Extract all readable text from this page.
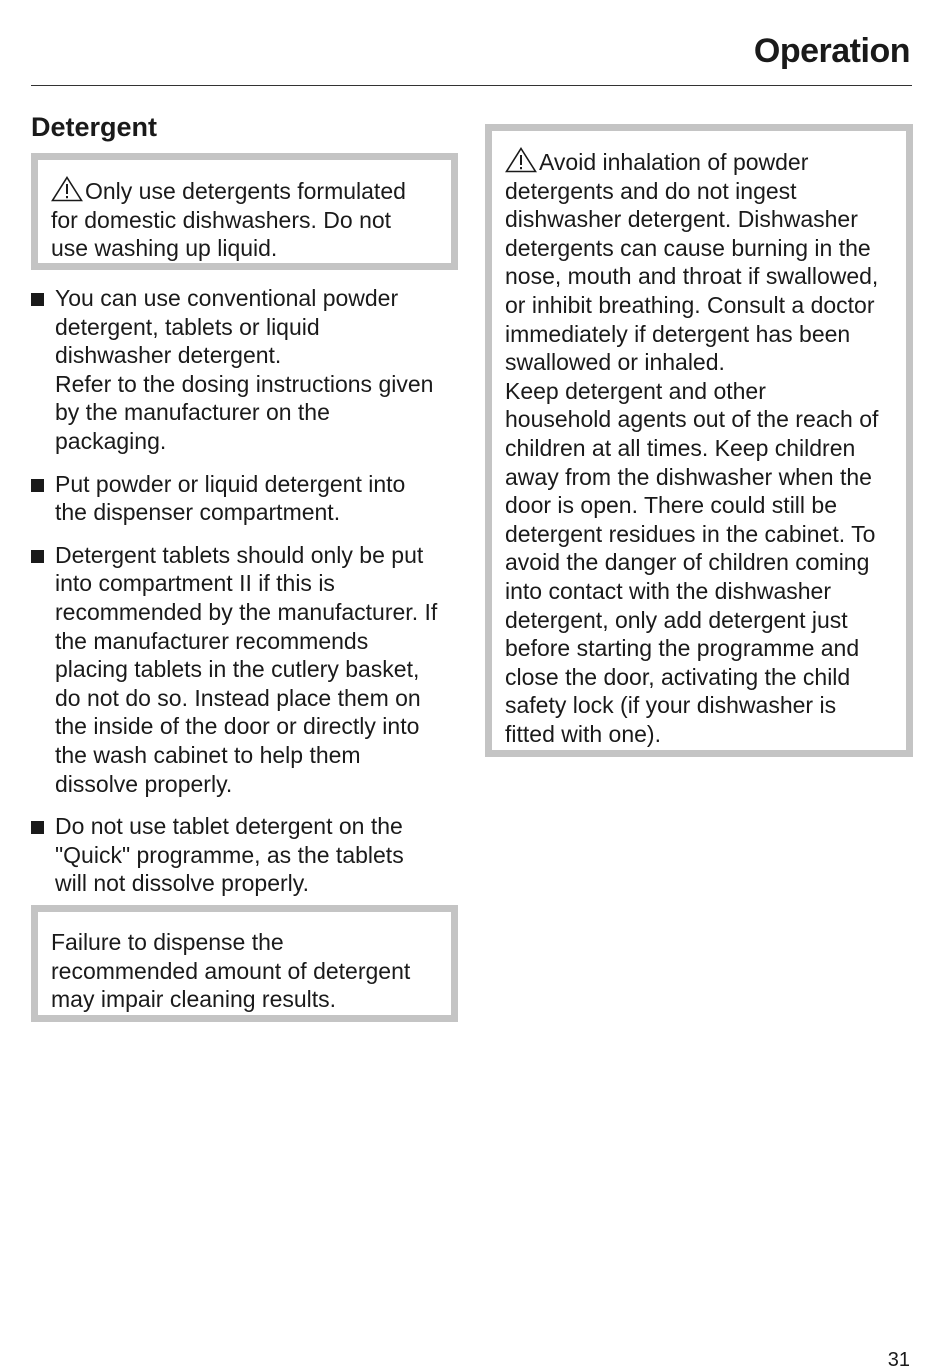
Operation
Detergent
Only use detergents formulated
for domestic dishwashers. Do not
use washing up liquid.
You can use conventional powder
detergent, tablets or liquid
dishwasher detergent.
Refer to the dosing instructions given
by the manufacturer on the
packaging.
Put powder or liquid detergent into
the dispenser compartment.
Detergent tablets should only be put
into compartment II if this is
recommended by the manufacturer. If
the manufacturer recommends
placing tablets in the cutlery basket,
do not do so. Instead place them on
the inside of the door or directly into
the wash cabinet to help them
dissolve properly.
Do not use tablet detergent on the
"Quick" programme, as the tablets
will not dissolve properly.
Failure to dispense the
recommended amount of detergent
may impair cleaning results.
Avoid inhalation of powder
detergents and do not ingest
dishwasher detergent. Dishwasher
detergents can cause burning in the
nose, mouth and throat if swallowed,
or inhibit breathing. Consult a doctor
immediately if detergent has been
swallowed or inhaled.
Keep detergent and other
household agents out of the reach of
children at all times. Keep children
away from the dishwasher when the
door is open. There could still be
detergent residues in the cabinet. To
avoid the danger of children coming
into contact with the dishwasher
detergent, only add detergent just
before starting the programme and
close the door, activating the child
safety lock (if your dishwasher is
fitted with one).
31
